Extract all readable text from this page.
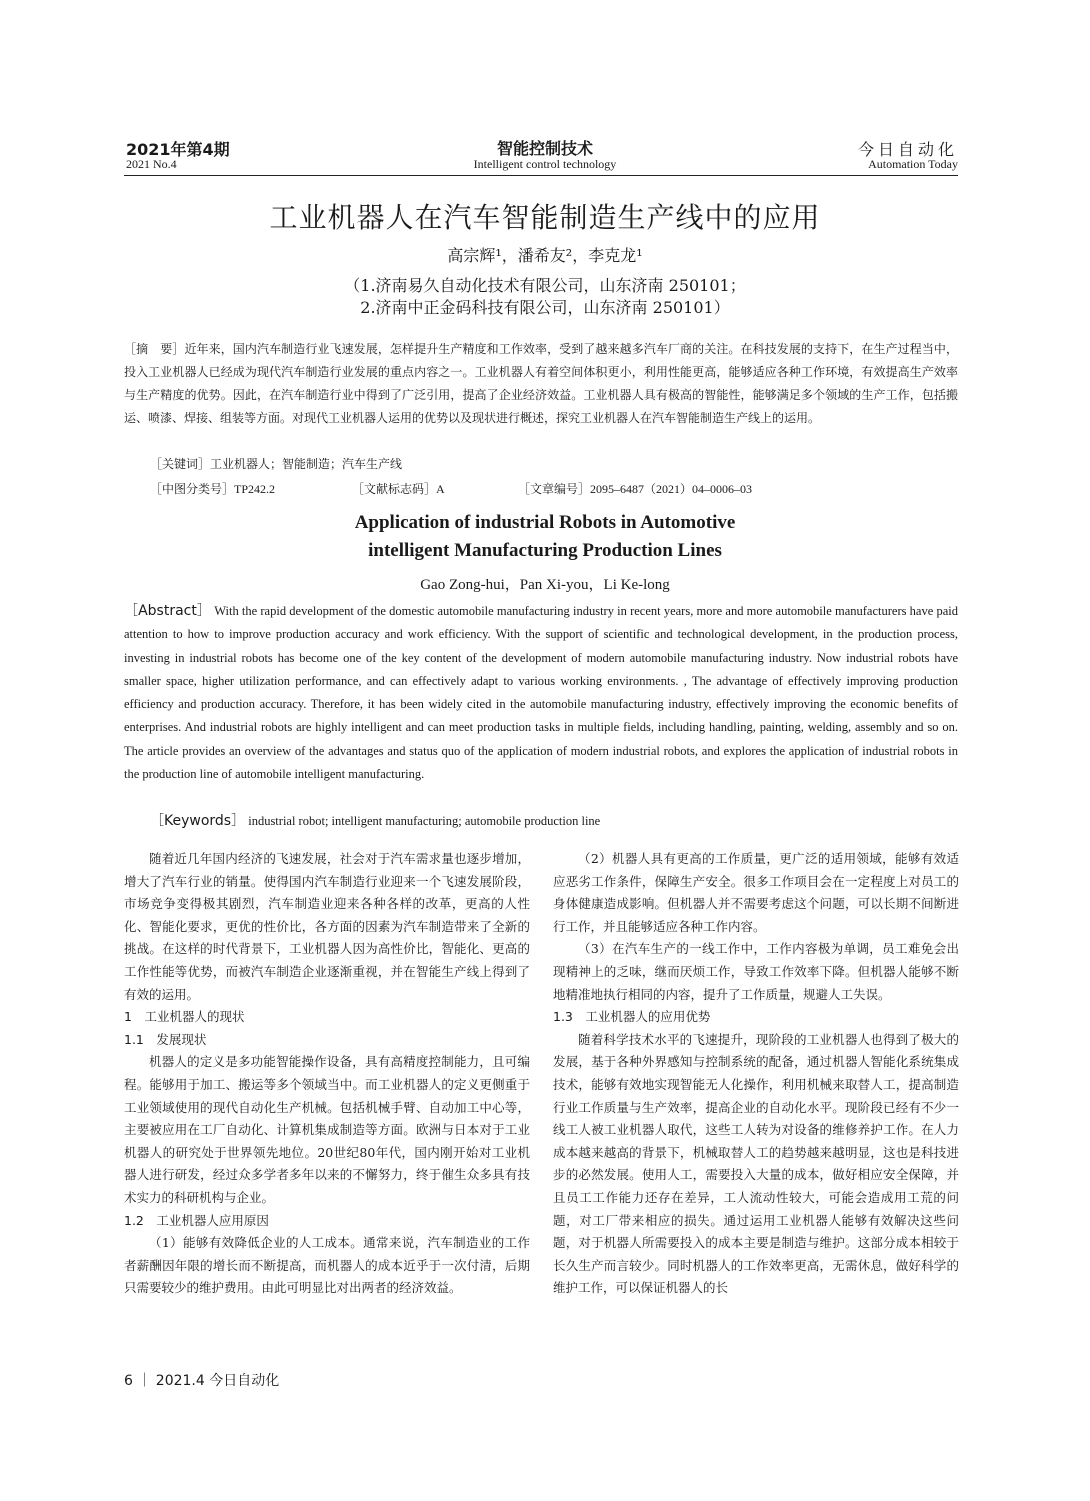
2021年第4期
2021 No.4
智能控制技术
Intelligent control technology
今日自动化
Automation Today
工业机器人在汽车智能制造生产线中的应用
高宗辉¹，潘希友²，李克龙¹
（1.济南易久自动化技术有限公司，山东济南 250101；
2.济南中正金码科技有限公司，山东济南 250101）
［摘　要］近年来，国内汽车制造行业飞速发展，怎样提升生产精度和工作效率，受到了越来越多汽车厂商的关注。在科技发展的支持下，在生产过程当中，投入工业机器人已经成为现代汽车制造行业发展的重点内容之一。工业机器人有着空间体积更小，利用性能更高，能够适应各种工作环境，有效提高生产效率与生产精度的优势。因此，在汽车制造行业中得到了广泛引用，提高了企业经济效益。工业机器人具有极高的智能性，能够满足多个领域的生产工作，包括搬运、喷漆、焊接、组装等方面。对现代工业机器人运用的优势以及现状进行概述，探究工业机器人在汽车智能制造生产线上的运用。
［关键词］工业机器人；智能制造；汽车生产线
［中图分类号］TP242.2	［文献标志码］A	［文章编号］2095–6487（2021）04–0006–03
Application of industrial Robots in Automotive
intelligent Manufacturing Production Lines
Gao Zong-hui，Pan Xi-you，Li Ke-long
［Abstract］ With the rapid development of the domestic automobile manufacturing industry in recent years, more and more automobile manufacturers have paid attention to how to improve production accuracy and work efficiency. With the support of scientific and technological development, in the production process, investing in industrial robots has become one of the key content of the development of modern automobile manufacturing industry. Now industrial robots have smaller space, higher utilization performance, and can effectively adapt to various working environments. , The advantage of effectively improving production efficiency and production accuracy. Therefore, it has been widely cited in the automobile manufacturing industry, effectively improving the economic benefits of enterprises. And industrial robots are highly intelligent and can meet production tasks in multiple fields, including handling, painting, welding, assembly and so on. The article provides an overview of the advantages and status quo of the application of modern industrial robots, and explores the application of industrial robots in the production line of automobile intelligent manufacturing.
［Keywords］ industrial robot; intelligent manufacturing; automobile production line

随着近几年国内经济的飞速发展，社会对于汽车需求量也逐步增加，增大了汽车行业的销量。使得国内汽车制造行业迎来一个飞速发展阶段，市场竞争变得极其剧烈，汽车制造业迎来各种各样的改革，更高的人性化、智能化要求，更优的性价比，各方面的因素为汽车制造带来了全新的挑战。在这样的时代背景下，工业机器人因为高性价比，智能化、更高的工作性能等优势，而被汽车制造企业逐渐重视，并在智能生产线上得到了有效的运用。

1　工业机器人的现状

1.1　发展现状

机器人的定义是多功能智能操作设备，具有高精度控制能力，且可编程。能够用于加工、搬运等多个领域当中。而工业机器人的定义更侧重于工业领域使用的现代自动化生产机械。包括机械手臂、自动加工中心等，主要被应用在工厂自动化、计算机集成制造等方面。欧洲与日本对于工业机器人的研究处于世界领先地位。20世纪80年代，国内刚开始对工业机器人进行研发，经过众多学者多年以来的不懈努力，终于催生众多具有技术实力的科研机构与企业。

1.2　工业机器人应用原因

（1）能够有效降低企业的人工成本。通常来说，汽车制造业的工作者薪酬因年限的增长而不断提高，而机器人的成本近乎于一次付清，后期只需要较少的维护费用。由此可明显比对出两者的经济效益。

（2）机器人具有更高的工作质量，更广泛的适用领域，能够有效适应恶劣工作条件，保障生产安全。很多工作项目会在一定程度上对员工的身体健康造成影响。但机器人并不需要考虑这个问题，可以长期不间断进行工作，并且能够适应各种工作内容。

（3）在汽车生产的一线工作中，工作内容极为单调，员工难免会出现精神上的乏味，继而厌烦工作，导致工作效率下降。但机器人能够不断地精准地执行相同的内容，提升了工作质量，规避人工失误。

1.3　工业机器人的应用优势

随着科学技术水平的飞速提升，现阶段的工业机器人也得到了极大的发展，基于各种外界感知与控制系统的配备，通过机器人智能化系统集成技术，能够有效地实现智能无人化操作，利用机械来取替人工，提高制造行业工作质量与生产效率，提高企业的自动化水平。现阶段已经有不少一线工人被工业机器人取代，这些工人转为对设备的维修养护工作。在人力成本越来越高的背景下，机械取替人工的趋势越来越明显，这也是科技进步的必然发展。使用人工，需要投入大量的成本，做好相应安全保障，并且员工工作能力还存在差异，工人流动性较大，可能会造成用工荒的问题，对工厂带来相应的损失。通过运用工业机器人能够有效解决这些问题，对于机器人所需要投入的成本主要是制造与维护。这部分成本相较于长久生产而言较少。同时机器人的工作效率更高，无需休息，做好科学的维护工作，可以保证机器人的长

6 ｜ 2021.4 今日自动化
